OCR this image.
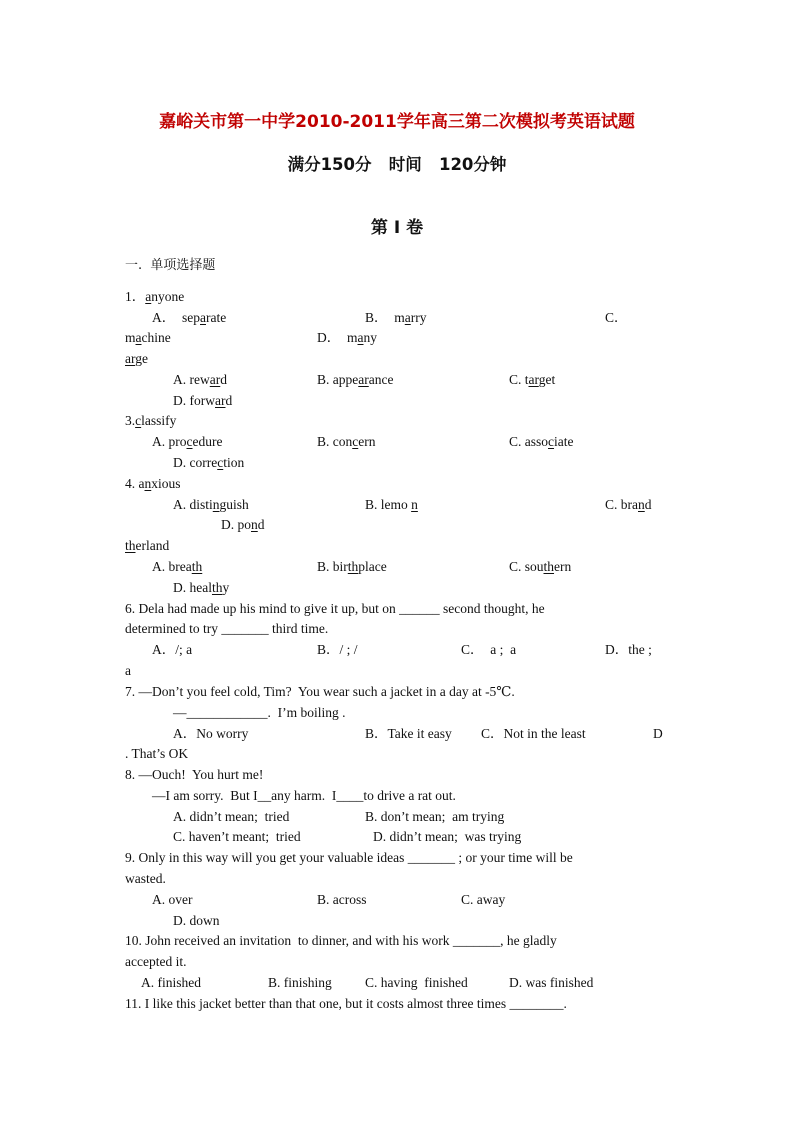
嘉峪关市第一中学2010-2011学年高三第二次模拟考英语试题
满分150分   时间   120分钟
第 I 卷
一.  单项选择题
1．anyone
A．  separate	B．  marry	C．
machine	D．  many
arge
A. reward	B. appearance	C. target
D. forward
3.classify
A. procedure	B. concern	C. associate
D. correction
4. anxious
A. distinguish	B. lemo n	C. brand
D. pond
therland
A. breath	B. birthplace	C. southern
D. healthy
6. Dela had made up his mind to give it up, but on ______ second thought, he
determined to try _______ third time.
A．/; a	B．/ ; /	C．  a ;  a	D．the ;
a
7. —Don’t you feel cold, Tim?  You wear such a jacket in a day at -5℃.
—____________.  I’m boiling .
A．No worry	B．Take it easy C．Not in the least	D
. That’s OK
8. —Ouch!  You hurt me!
—I am sorry.  But I__any harm.  I____to drive a rat out.
A. didn’t mean;  tried	B. don’t mean;  am trying
C. haven’t meant;  tried	D. didn’t mean;  was trying
9. Only in this way will you get your valuable ideas _______ ; or your time will be
wasted.
A. over	B. across	C. away
D. down
10. John received an invitation  to dinner, and with his work _______, he gladly
accepted it.
A. finished	B. finishing C. having  finished	D. was finished
11. I like this jacket better than that one, but it costs almost three times ________.
